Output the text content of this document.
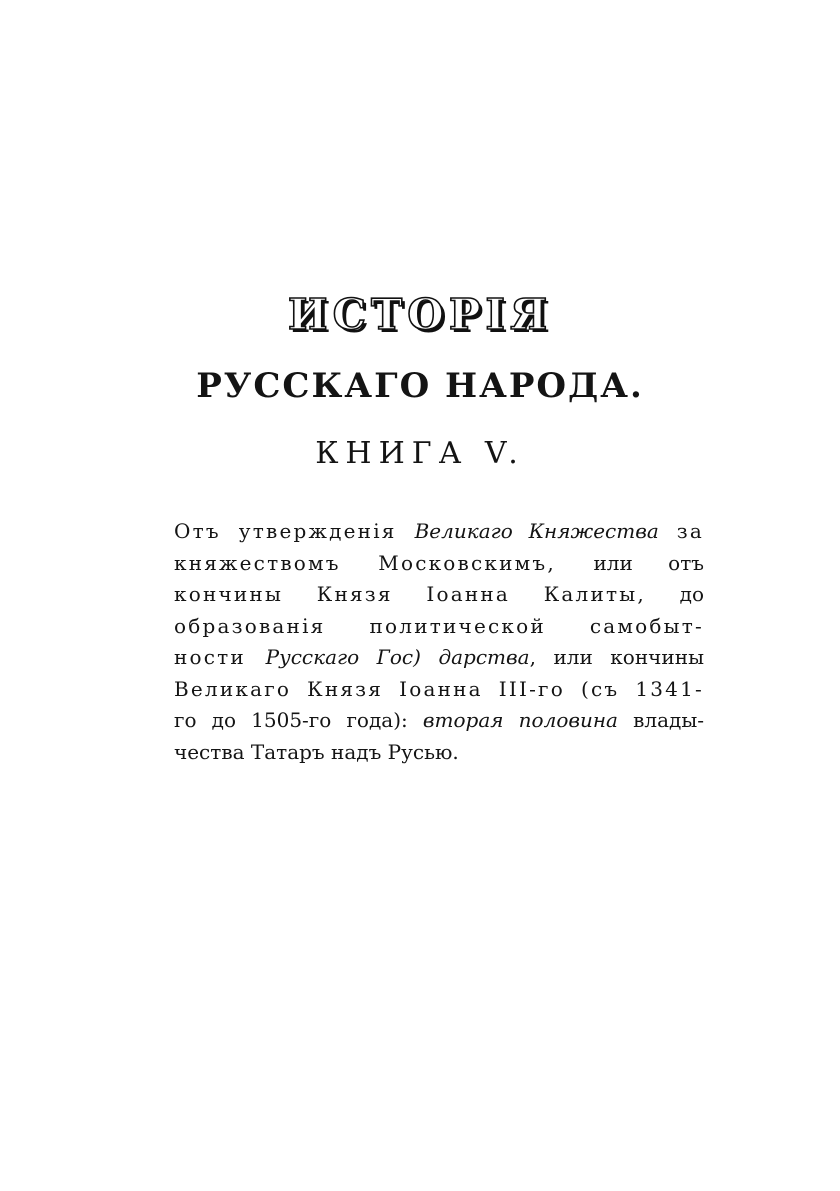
ИСТОРІЯ
РУССКАГО НАРОДА.
КНИГА V.
Отъ утвержденія Великаго Княжества за
княжествомъ Московскимъ, или отъ
кончины Князя Іоанна Калиты, до
образованія политической самобыт-
ности Русскаго Гос) дарства, или кончины
Великаго Князя Іоанна III-го (съ 1341-
го до 1505-го года): вторая половина влады-
чества Татаръ надъ Русью.
